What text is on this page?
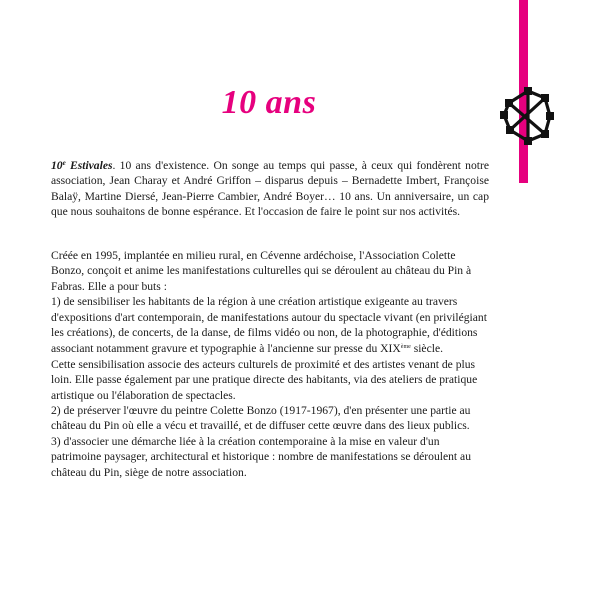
10 ans

10e Estivales. 10 ans d'existence. On songe au temps qui passe, à ceux qui fondèrent notre association, Jean Charay et André Griffon – disparus depuis – Bernadette Imbert, Françoise Balaÿ, Martine Diersé, Jean-Pierre Cambier, André Boyer… 10 ans. Un anniversaire, un cap que nous souhaitons de bonne espérance. Et l'occasion de faire le point sur nos activités.

Créée en 1995, implantée en milieu rural, en Cévenne ardéchoise, l'Association Colette Bonzo, conçoit et anime les manifestations culturelles qui se déroulent au château du Pin à Fabras. Elle a pour buts :

1) de sensibiliser les habitants de la région à une création artistique exigeante au travers d'expositions d'art contemporain, de manifestations autour du spectacle vivant (en privilégiant les créations), de concerts, de la danse, de films vidéo ou non, de la photographie, d'éditions associant notamment gravure et typographie à l'ancienne sur presse du XIXème siècle.

Cette sensibilisation associe des acteurs culturels de proximité et des artistes venant de plus loin. Elle passe également par une pratique directe des habitants, via des ateliers de pratique artistique ou l'élaboration de spectacles.

2) de préserver l'œuvre du peintre Colette Bonzo (1917-1967), d'en présenter une partie au château du Pin où elle a vécu et travaillé, et de diffuser cette œuvre dans des lieux publics.

3) d'associer une démarche liée à la création contemporaine à la mise en valeur d'un patrimoine paysager, architectural et historique : nombre de manifestations se déroulent au château du Pin, siège de notre association.
